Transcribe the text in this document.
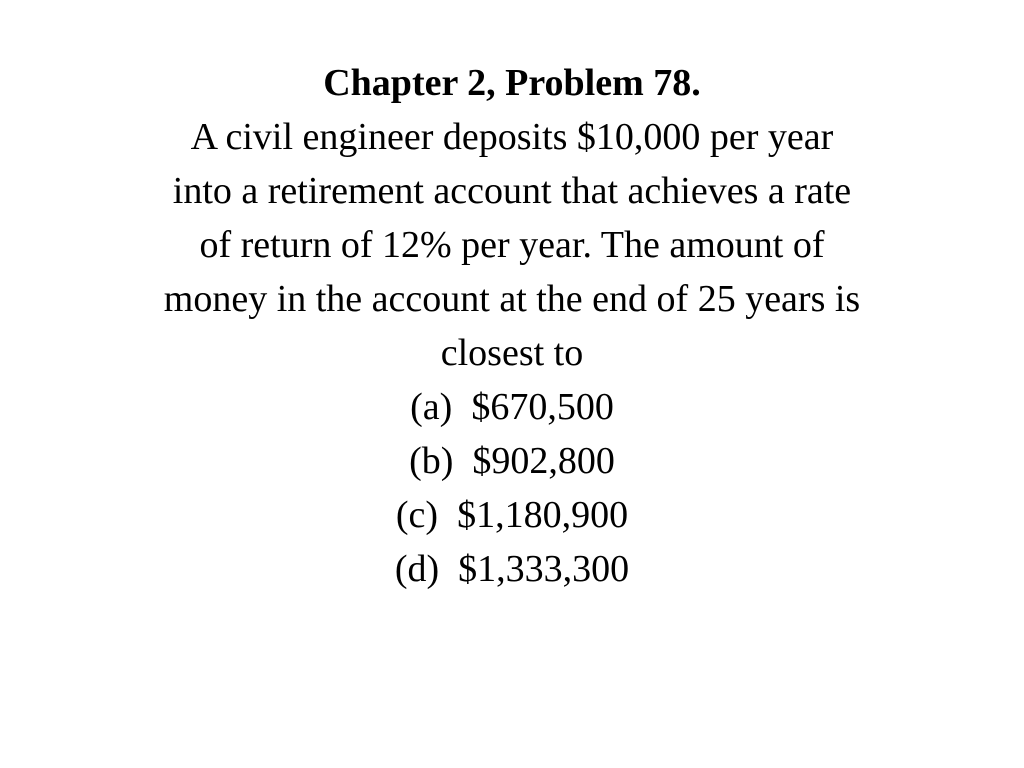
Chapter 2, Problem 78.

A civil engineer deposits $10,000 per year

into a retirement account that achieves a rate

of return of 12% per year. The amount of

money in the account at the end of 25 years is

closest to

(a)  $670,500

(b)  $902,800

(c)  $1,180,900

(d)  $1,333,300
